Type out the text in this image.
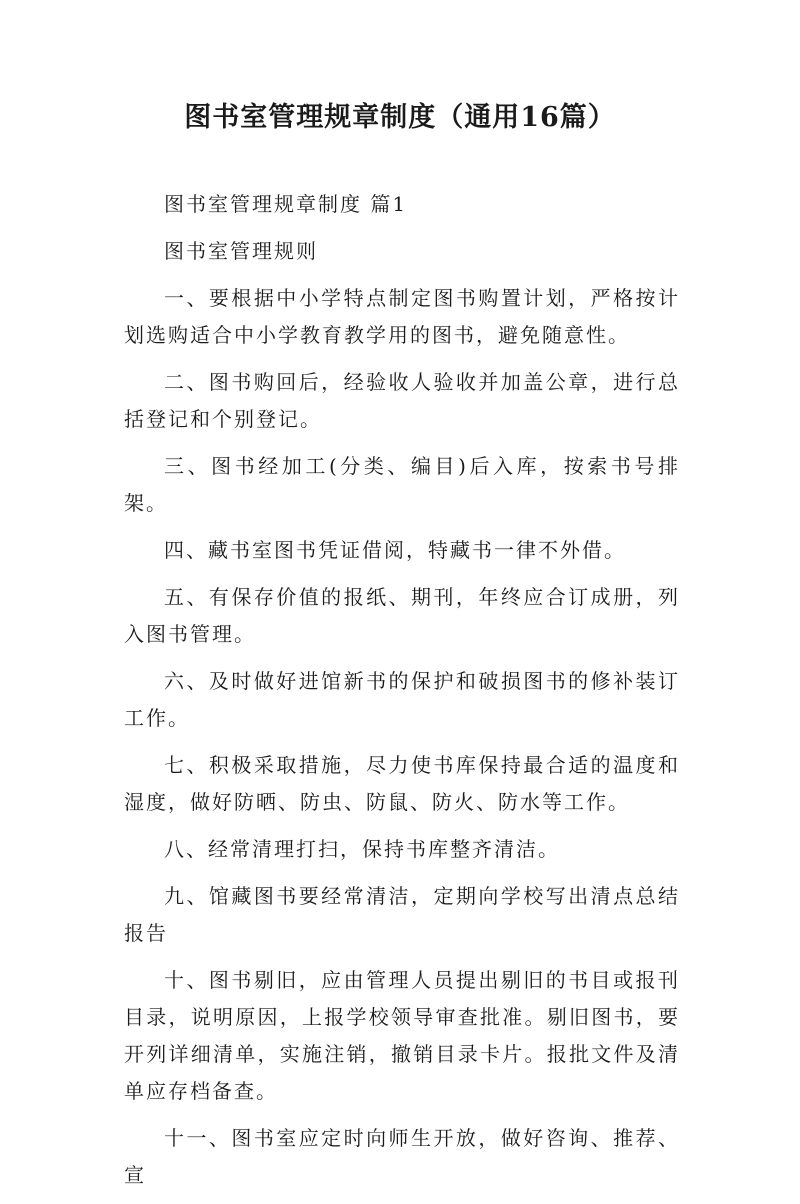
图书室管理规章制度（通用16篇）

图书室管理规章制度 篇1

图书室管理规则

一、要根据中小学特点制定图书购置计划，严格按计划选购适合中小学教育教学用的图书，避免随意性。

二、图书购回后，经验收人验收并加盖公章，进行总括登记和个别登记。

三、图书经加工(分类、编目)后入库，按索书号排架。

四、藏书室图书凭证借阅，特藏书一律不外借。

五、有保存价值的报纸、期刊，年终应合订成册，列入图书管理。

六、及时做好进馆新书的保护和破损图书的修补装订工作。

七、积极采取措施，尽力使书库保持最合适的温度和湿度，做好防晒、防虫、防鼠、防火、防水等工作。

八、经常清理打扫，保持书库整齐清洁。

九、馆藏图书要经常清洁，定期向学校写出清点总结报告

十、图书剔旧，应由管理人员提出剔旧的书目或报刊目录，说明原因，上报学校领导审查批准。剔旧图书，要开列详细清单，实施注销，撤销目录卡片。报批文件及清单应存档备查。

十一、图书室应定时向师生开放，做好咨询、推荐、宣
